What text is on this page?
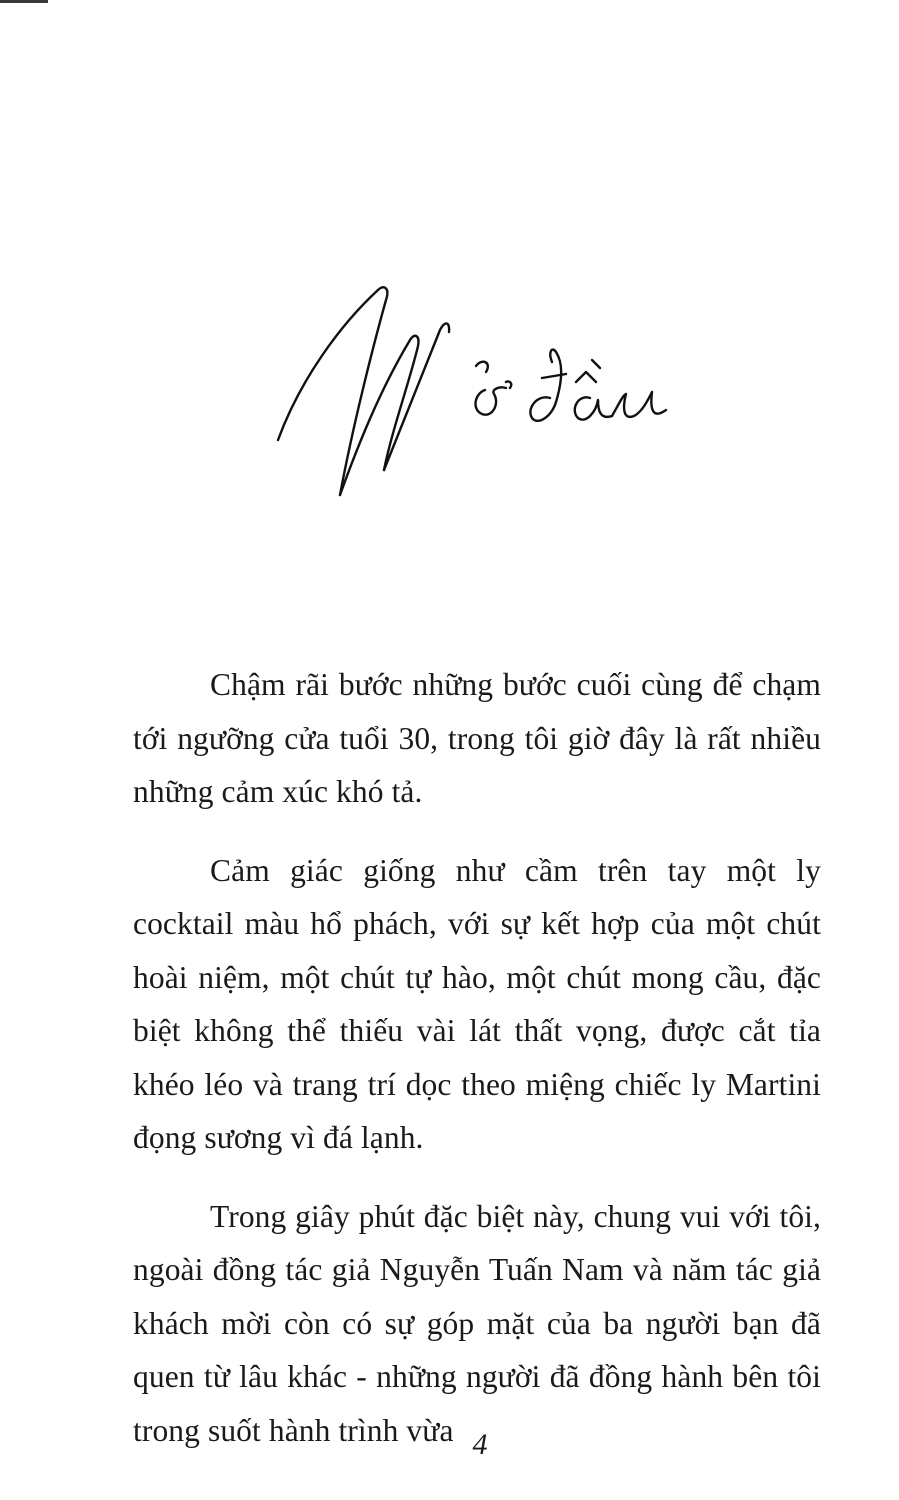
Chậm rãi bước những bước cuối cùng để chạm tới ngưỡng cửa tuổi 30, trong tôi giờ đây là rất nhiều những cảm xúc khó tả.

Cảm giác giống như cầm trên tay một ly cocktail màu hổ phách, với sự kết hợp của một chút hoài niệm, một chút tự hào, một chút mong cầu, đặc biệt không thể thiếu vài lát thất vọng, được cắt tỉa khéo léo và trang trí dọc theo miệng chiếc ly Martini đọng sương vì đá lạnh.

Trong giây phút đặc biệt này, chung vui với tôi, ngoài đồng tác giả Nguyễn Tuấn Nam và năm tác giả khách mời còn có sự góp mặt của ba người bạn đã quen từ lâu khác - những người đã đồng hành bên tôi trong suốt hành trình vừa 4
